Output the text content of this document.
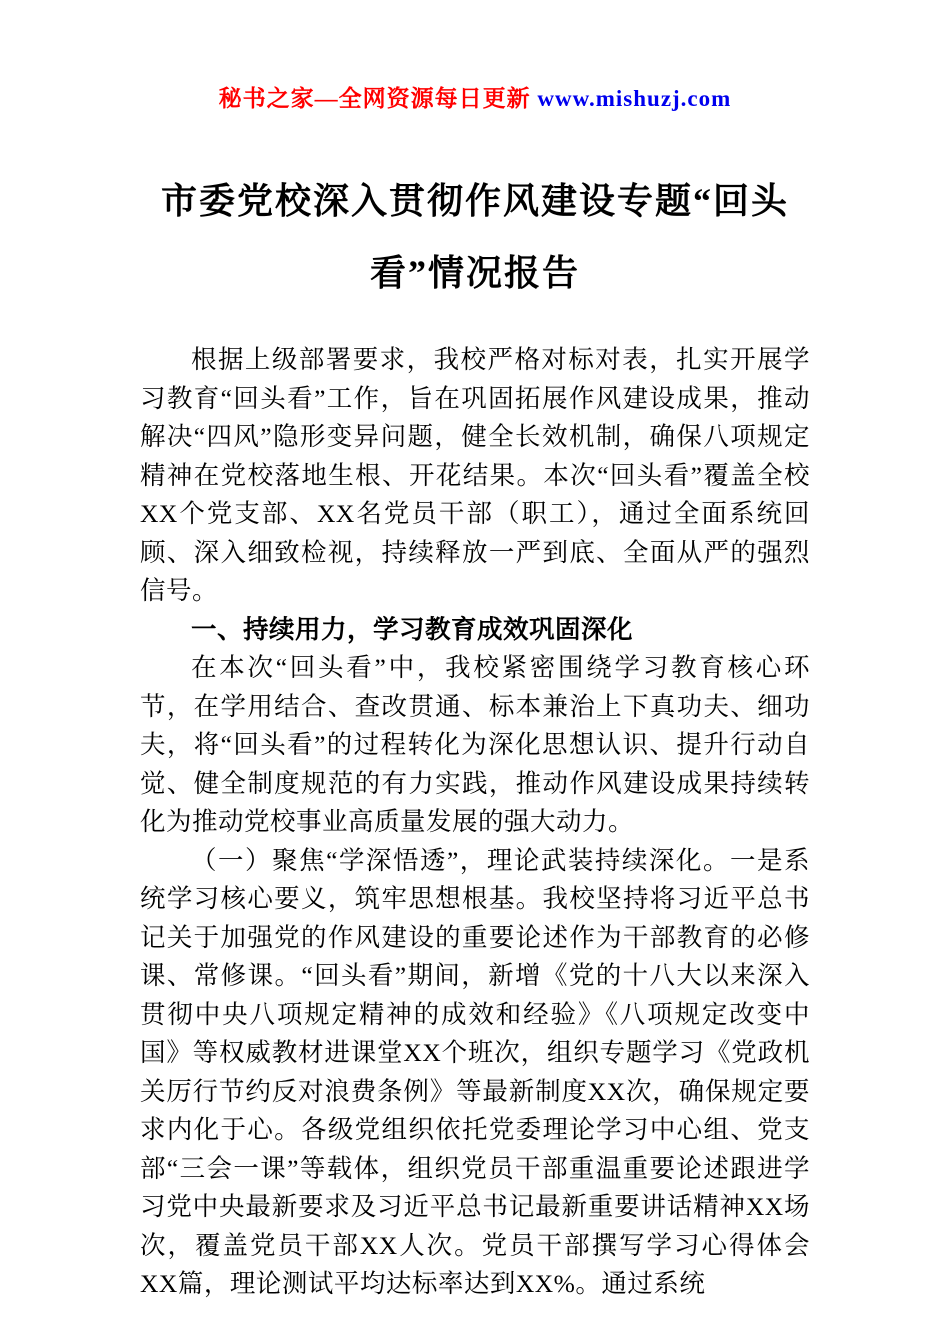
秘书之家—全网资源每日更新 www.mishuzj.com
市委党校深入贯彻作风建设专题“回头
看”情况报告

根据上级部署要求，我校严格对标对表，扎实开展学习教育“回头看”工作，旨在巩固拓展作风建设成果，推动解决“四风”隐形变异问题，健全长效机制，确保八项规定精神在党校落地生根、开花结果。本次“回头看”覆盖全校XX个党支部、XX名党员干部（职工），通过全面系统回顾、深入细致检视，持续释放一严到底、全面从严的强烈信号。

一、持续用力，学习教育成效巩固深化

在本次“回头看”中，我校紧密围绕学习教育核心环节，在学用结合、查改贯通、标本兼治上下真功夫、细功夫，将“回头看”的过程转化为深化思想认识、提升行动自觉、健全制度规范的有力实践，推动作风建设成果持续转化为推动党校事业高质量发展的强大动力。

（一）聚焦“学深悟透”，理论武装持续深化。一是系统学习核心要义，筑牢思想根基。我校坚持将习近平总书记关于加强党的作风建设的重要论述作为干部教育的必修课、常修课。“回头看”期间，新增《党的十八大以来深入贯彻中央八项规定精神的成效和经验》《八项规定改变中国》等权威教材进课堂XX个班次，组织专题学习《党政机关厉行节约反对浪费条例》等最新制度XX次，确保规定要求内化于心。各级党组织依托党委理论学习中心组、党支部“三会一课”等载体，组织党员干部重温重要论述跟进学习党中央最新要求及习近平总书记最新重要讲话精神XX场次，覆盖党员干部XX人次。党员干部撰写学习心得体会XX篇，理论测试平均达标率达到XX%。通过系统
